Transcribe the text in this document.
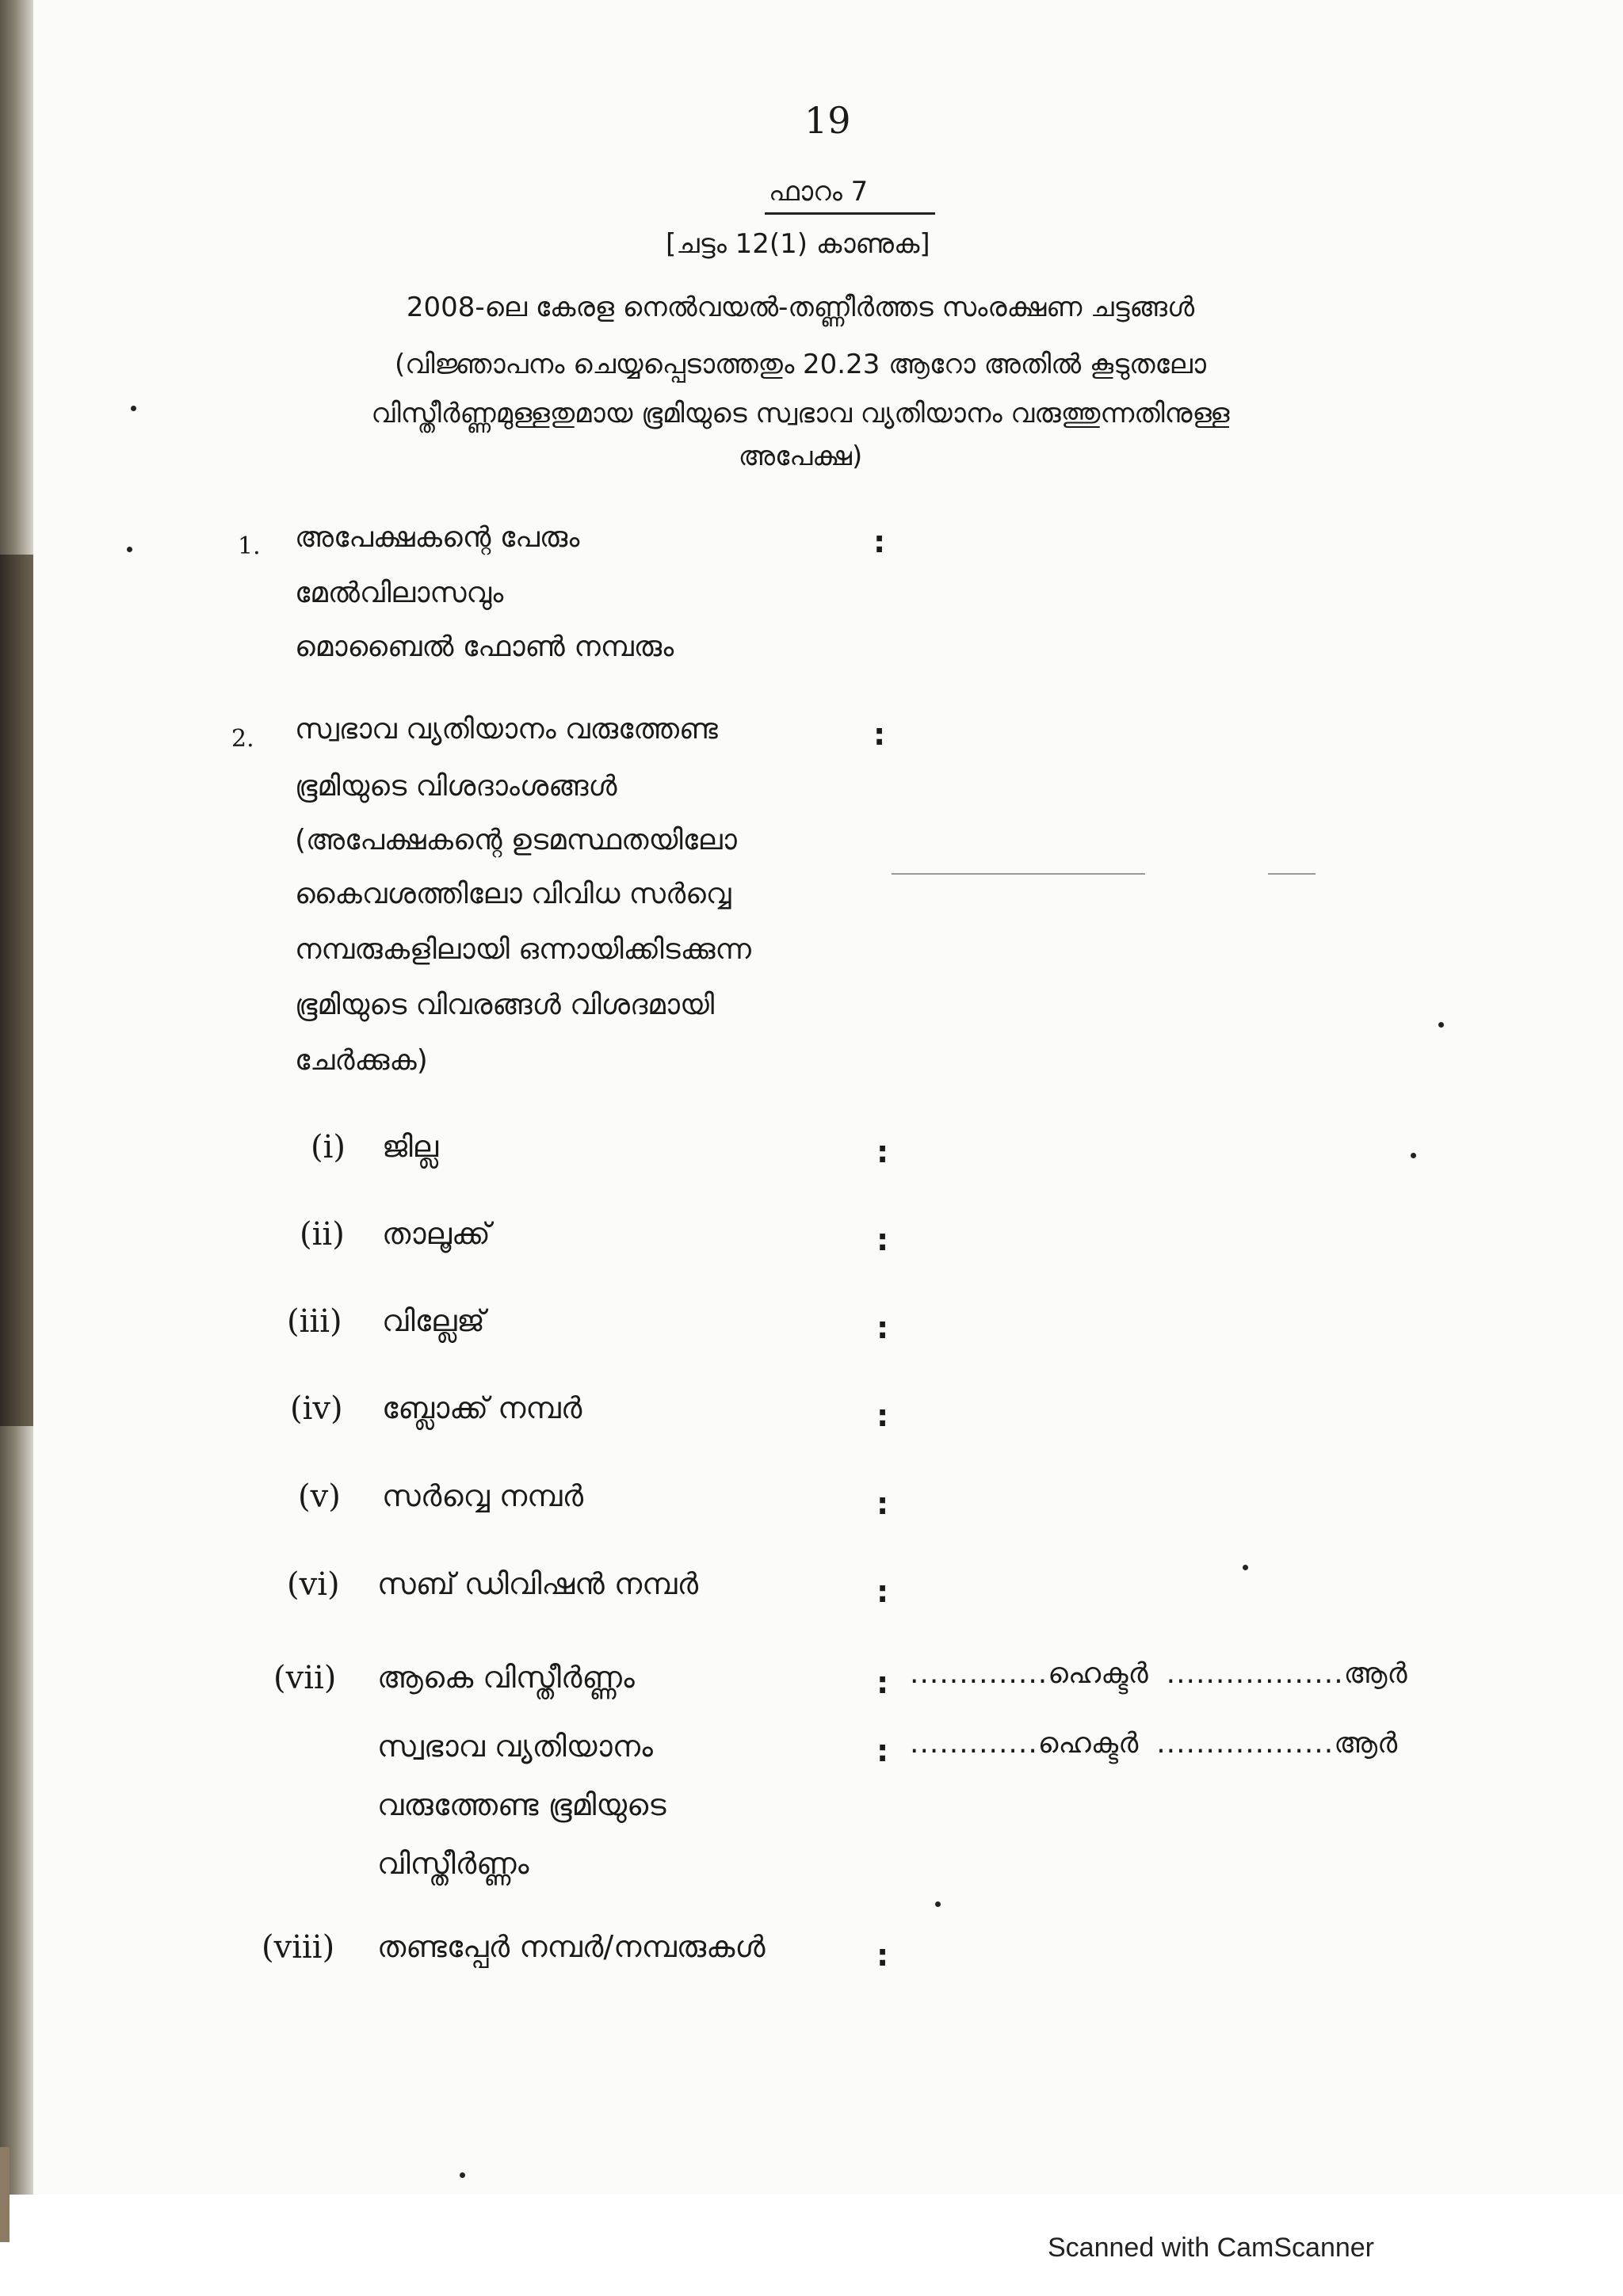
19
ഫാറം 7
[ചട്ടം 12(1) കാണുക]
2008-ലെ കേരള നെൽവയൽ-തണ്ണീർത്തട സംരക്ഷണ ചട്ടങ്ങൾ
(വിജ്ഞാപനം ചെയ്യപ്പെടാത്തതും 20.23 ആറോ അതിൽ കൂടുതലോ
വിസ്തീർണ്ണമുള്ളതുമായ ഭൂമിയുടെ സ്വഭാവ വ്യതിയാനം വരുത്തുന്നതിനുള്ള
അപേക്ഷ)
1. അപേക്ഷകന്റെ പേരും
മേൽവിലാസവും
മൊബൈൽ ഫോൺ നമ്പരും
:
2. സ്വഭാവ വ്യതിയാനം വരുത്തേണ്ട
ഭൂമിയുടെ വിശദാംശങ്ങൾ
(അപേക്ഷകന്റെ ഉടമസ്ഥതയിലോ
കൈവശത്തിലോ വിവിധ സർവ്വെ
നമ്പരുകളിലായി ഒന്നായിക്കിടക്കുന്ന
ഭൂമിയുടെ വിവരങ്ങൾ വിശദമായി
ചേർക്കുക)
:
(i) ജില്ല	:
(ii) താലൂക്ക്	:
(iii) വില്ലേജ്	:
(iv) ബ്ലോക്ക് നമ്പർ	:
(v) സർവ്വെ നമ്പർ	:
(vi) സബ് ഡിവിഷൻ നമ്പർ	:
(vii) ആകെ വിസ്തീർണ്ണം	: ..............ഹെക്ടർ ..................ആർ
സ്വഭാവ വ്യതിയാനം
വരുത്തേണ്ട ഭൂമിയുടെ
വിസ്തീർണ്ണം
: .............ഹെക്ടർ ..................ആർ
(viii) തണ്ടപ്പേർ നമ്പർ/നമ്പരുകൾ	:
Scanned with CamScanner
